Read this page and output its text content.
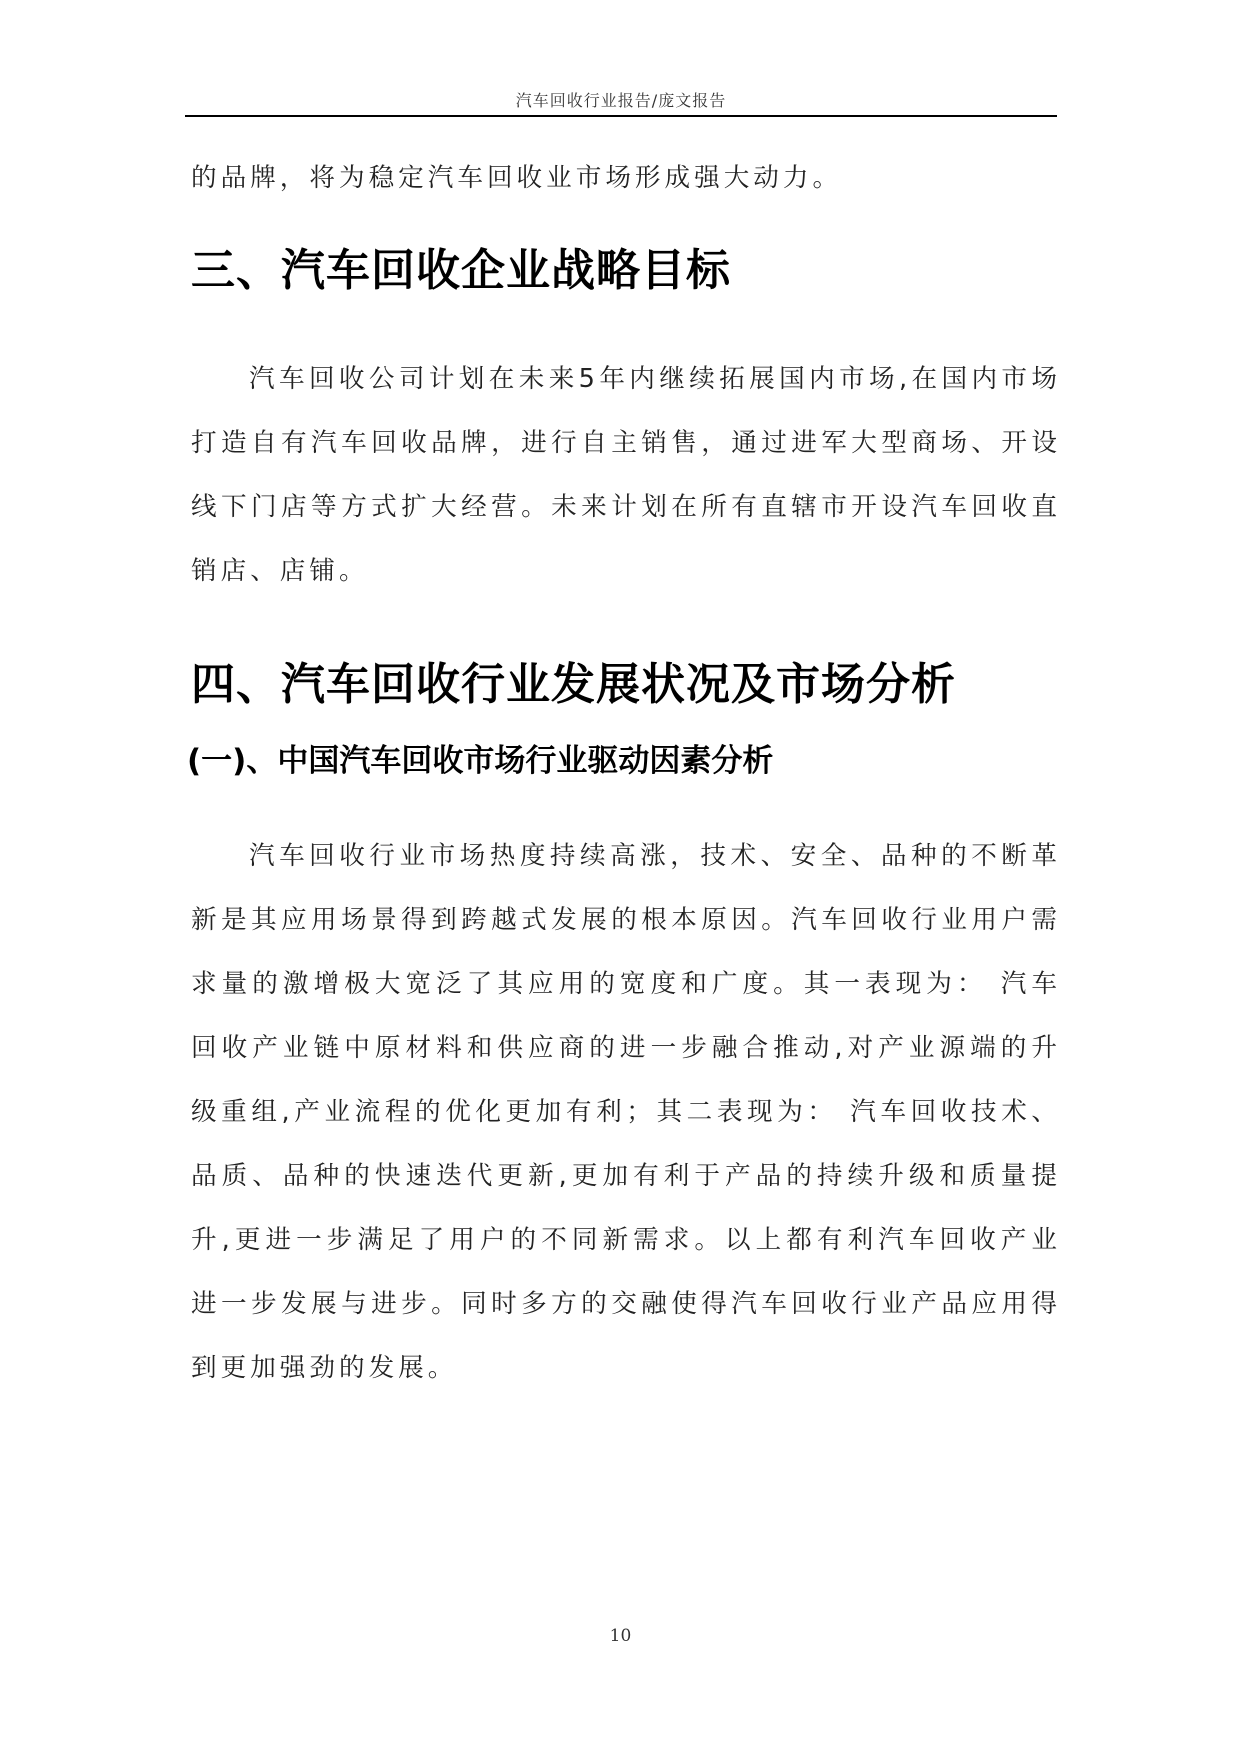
汽车回收行业报告/庞文报告

的品牌，将为稳定汽车回收业市场形成强大动力。

三、汽车回收企业战略目标

汽车回收公司计划在未来5年内继续拓展国内市场,在国内市场打造自有汽车回收品牌，进行自主销售，通过进军大型商场、开设线下门店等方式扩大经营。未来计划在所有直辖市开设汽车回收直销店、店铺。

四、汽车回收行业发展状况及市场分析
(一)、中国汽车回收市场行业驱动因素分析

汽车回收行业市场热度持续高涨，技术、安全、品种的不断革新是其应用场景得到跨越式发展的根本原因。汽车回收行业用户需求量的激增极大宽泛了其应用的宽度和广度。其一表现为： 汽车回收产业链中原材料和供应商的进一步融合推动,对产业源端的升级重组,产业流程的优化更加有利；其二表现为： 汽车回收技术、品质、品种的快速迭代更新,更加有利于产品的持续升级和质量提升,更进一步满足了用户的不同新需求。以上都有利汽车回收产业进一步发展与进步。同时多方的交融使得汽车回收行业产品应用得到更加强劲的发展。

10
